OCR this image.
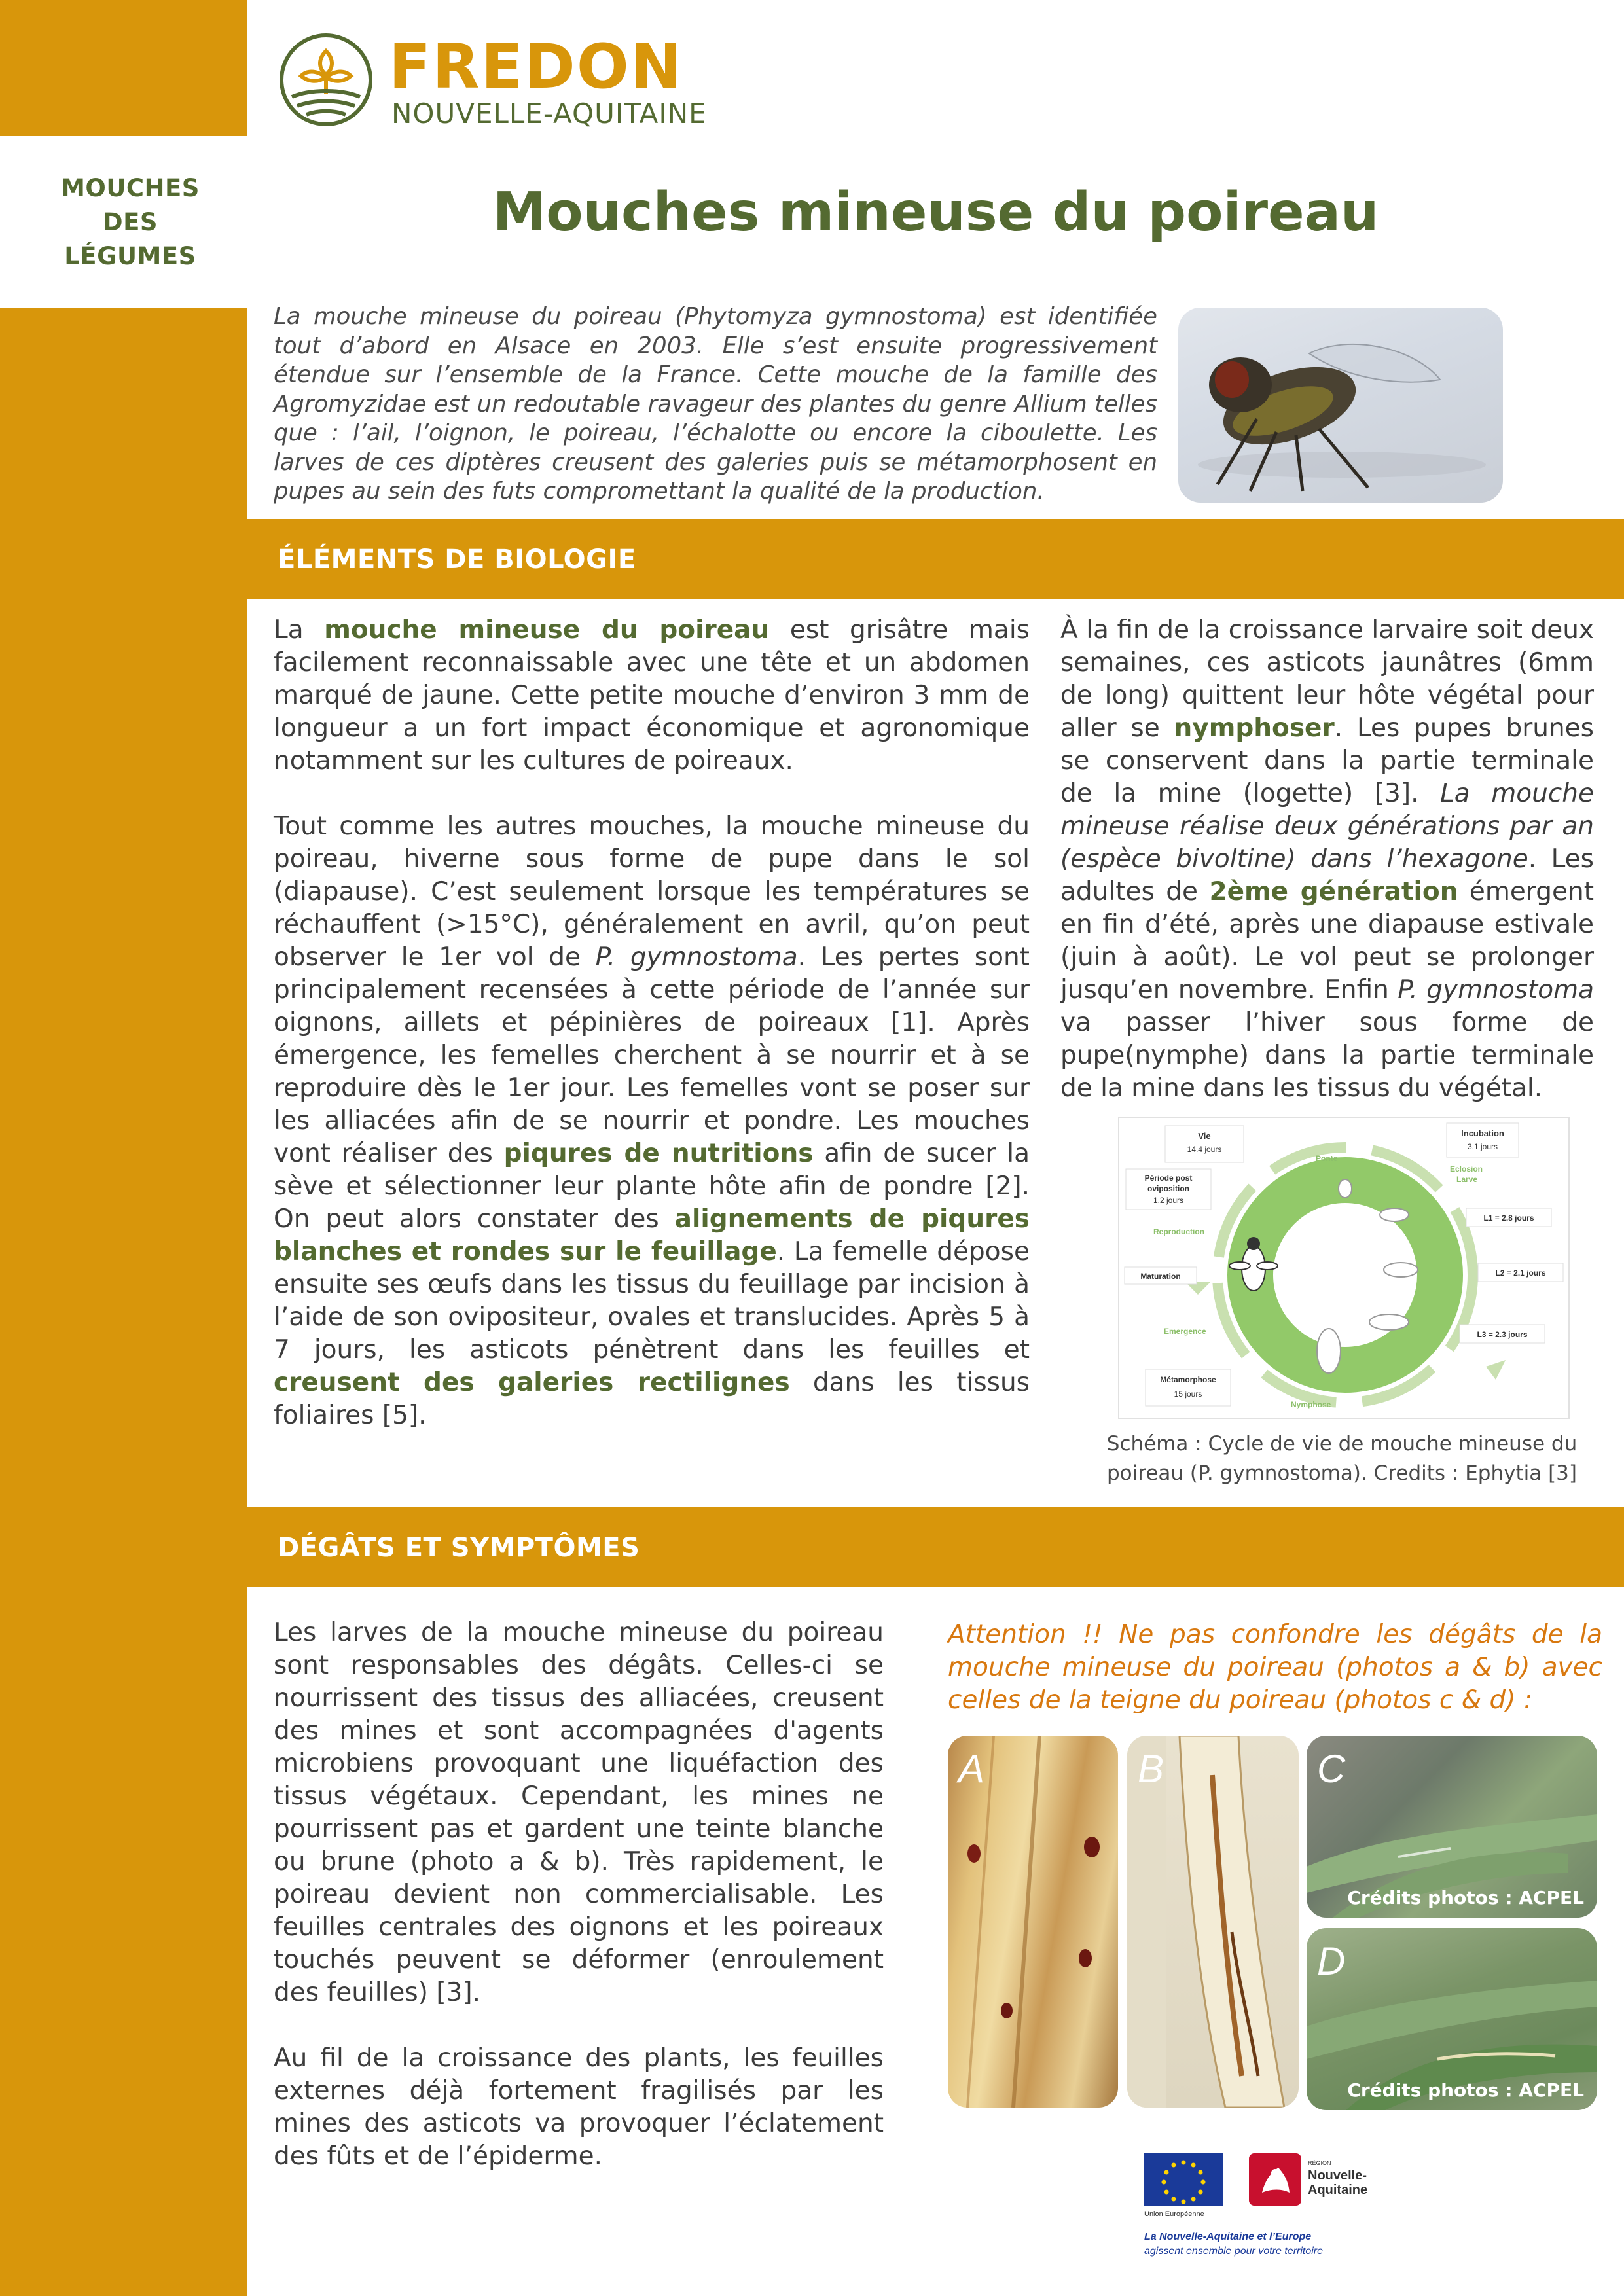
MOUCHES
DES
LÉGUMES
FREDON
NOUVELLE-AQUITAINE
Mouches mineuse du poireau

La mouche mineuse du poireau (Phytomyza gymnostoma) est identifiée tout d’abord en Alsace en 2003. Elle s’est ensuite progressivement étendue sur l’ensemble de la France. Cette mouche de la famille des Agromyzidae est un redoutable ravageur des plantes du genre Allium telles que : l’ail, l’oignon, le poireau, l’échalotte ou encore la ciboulette. Les larves de ces diptères creusent des galeries puis se métamorphosent en pupes au sein des futs compromettant la qualité de la production.

ÉLÉMENTS DE BIOLOGIE

La mouche mineuse du poireau est grisâtre mais facilement reconnaissable avec une tête et un abdomen marqué de jaune. Cette petite mouche d’environ 3 mm de longueur a un fort impact économique et agronomique notamment sur les cultures de poireaux.

Tout comme les autres mouches, la mouche mineuse du poireau, hiverne sous forme de pupe dans le sol (diapause). C’est seulement lorsque les températures se réchauffent (>15°C), généralement en avril, qu’on peut observer le 1er vol de P. gymnostoma. Les pertes sont principalement recensées à cette période de l’année sur oignons, aillets et pépinières de poireaux [1]. Après émergence, les femelles cherchent à se nourrir et à se reproduire dès le 1er jour. Les femelles vont se poser sur les alliacées afin de se nourrir et pondre. Les mouches vont réaliser des piqures de nutritions afin de sucer la sève et sélectionner leur plante hôte afin de pondre [2]. On peut alors constater des alignements de piqures blanches et rondes sur le feuillage. La femelle dépose ensuite ses œufs dans les tissus du feuillage par incision à l’aide de son ovipositeur, ovales et translucides. Après 5 à 7 jours, les asticots pénètrent dans les feuilles et creusent des galeries rectilignes dans les tissus foliaires [5].

À la fin de la croissance larvaire soit deux semaines, ces asticots jaunâtres (6mm de long) quittent leur hôte végétal pour aller se nymphoser. Les pupes brunes se conservent dans la partie terminale de la mine (logette) [3]. La mouche mineuse réalise deux générations par an (espèce bivoltine) dans l’hexagone. Les adultes de 2ème génération émergent en fin d’été, après une diapause estivale (juin à août). Le vol peut se prolonger jusqu’en novembre. Enfin P. gymnostoma va passer l’hiver sous forme de pupe(nymphe) dans la partie terminale de la mine dans les tissus du végétal.

Vie
14.4 jours
Période post
oviposition
1.2 jours
Incubation
3.1 jours
Ponte
Eclosion
Larve
Reproduction
Maturation
Emergence
Métamorphose
15 jours
Nymphose
L1 = 2.8 jours
L2 = 2.1 jours
L3 = 2.3 jours
Schéma : Cycle de vie de mouche mineuse du
poireau (P. gymnostoma). Credits : Ephytia [3]
DÉGÂTS ET SYMPTÔMES

Les larves de la mouche mineuse du poireau sont responsables des dégâts. Celles-ci se nourrissent des tissus des alliacées, creusent des mines et sont accompagnées d'agents microbiens provoquant une liquéfaction des tissus végétaux. Cependant, les mines ne pourrissent pas et gardent une teinte blanche ou brune (photo a & b). Très rapidement, le poireau devient non commercialisable. Les feuilles centrales des oignons et les poireaux touchés peuvent se déformer (enroulement des feuilles) [3].

Au fil de la croissance des plants, les feuilles externes déjà fortement fragilisés par les mines des asticots va provoquer l’éclatement des fûts et de l’épiderme.

Attention !! Ne pas confondre les dégâts de la mouche mineuse du poireau (photos a & b) avec celles de la teigne du poireau (photos c & d) :

A	B	C
Crédits photos : ACPEL
D
Crédits photos : ACPEL
Union Européenne
RÉGION
Nouvelle-
Aquitaine
La Nouvelle-Aquitaine et l’Europe
agissent ensemble pour votre territoire
